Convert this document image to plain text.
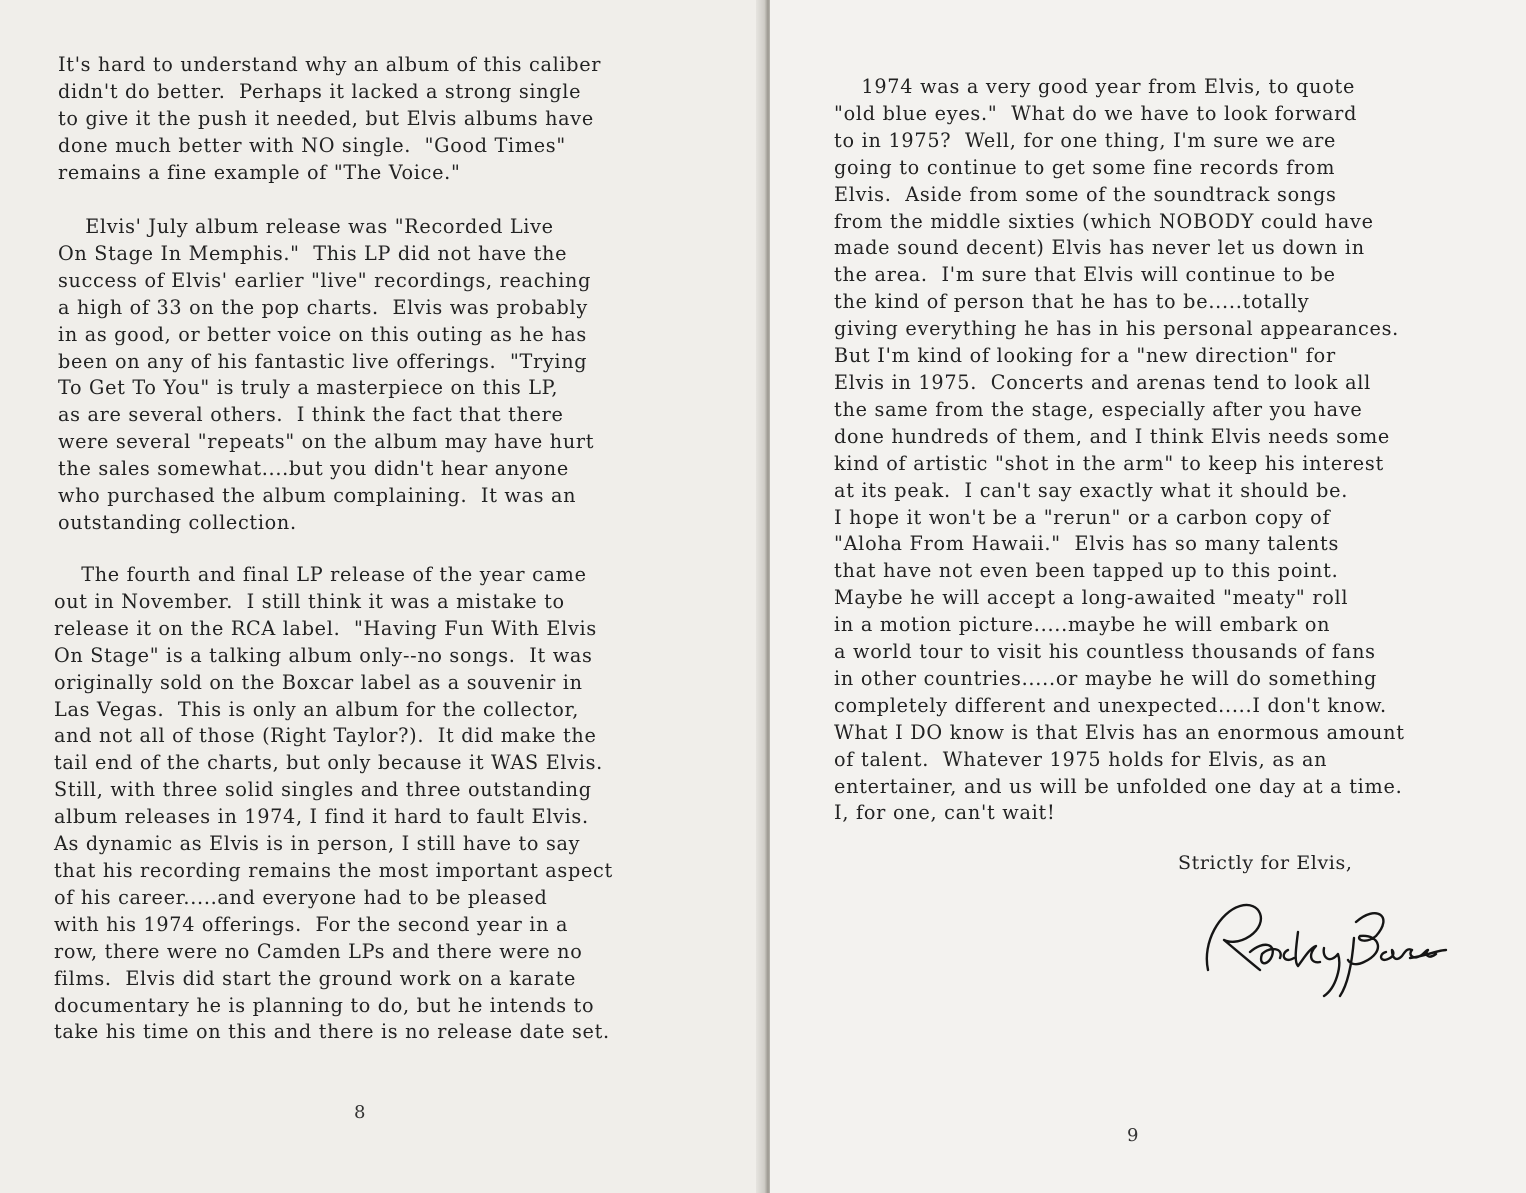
It's hard to understand why an album of this caliber
didn't do better.  Perhaps it lacked a strong single
to give it the push it needed, but Elvis albums have
done much better with NO single.  "Good Times"
remains a fine example of "The Voice."

Elvis' July album release was "Recorded Live
On Stage In Memphis."  This LP did not have the
success of Elvis' earlier "live" recordings, reaching
a high of 33 on the pop charts.  Elvis was probably
in as good, or better voice on this outing as he has
been on any of his fantastic live offerings.  "Trying
To Get To You" is truly a masterpiece on this LP,
as are several others.  I think the fact that there
were several "repeats" on the album may have hurt
the sales somewhat....but you didn't hear anyone
who purchased the album complaining.  It was an
outstanding collection.

The fourth and final LP release of the year came
out in November.  I still think it was a mistake to
release it on the RCA label.  "Having Fun With Elvis
On Stage" is a talking album only--no songs.  It was
originally sold on the Boxcar label as a souvenir in
Las Vegas.  This is only an album for the collector,
and not all of those (Right Taylor?).  It did make the
tail end of the charts, but only because it WAS Elvis.
Still, with three solid singles and three outstanding
album releases in 1974, I find it hard to fault Elvis.
As dynamic as Elvis is in person, I still have to say
that his recording remains the most important aspect
of his career.....and everyone had to be pleased
with his 1974 offerings.  For the second year in a
row, there were no Camden LPs and there were no
films.  Elvis did start the ground work on a karate
documentary he is planning to do, but he intends to
take his time on this and there is no release date set.

8

1974 was a very good year from Elvis, to quote
"old blue eyes."  What do we have to look forward
to in 1975?  Well, for one thing, I'm sure we are
going to continue to get some fine records from
Elvis.  Aside from some of the soundtrack songs
from the middle sixties (which NOBODY could have
made sound decent) Elvis has never let us down in
the area.  I'm sure that Elvis will continue to be
the kind of person that he has to be.....totally
giving everything he has in his personal appearances.
But I'm kind of looking for a "new direction" for
Elvis in 1975.  Concerts and arenas tend to look all
the same from the stage, especially after you have
done hundreds of them, and I think Elvis needs some
kind of artistic "shot in the arm" to keep his interest
at its peak.  I can't say exactly what it should be.
I hope it won't be a "rerun" or a carbon copy of
"Aloha From Hawaii."  Elvis has so many talents
that have not even been tapped up to this point.
Maybe he will accept a long-awaited "meaty" roll
in a motion picture.....maybe he will embark on
a world tour to visit his countless thousands of fans
in other countries.....or maybe he will do something
completely different and unexpected.....I don't know.
What I DO know is that Elvis has an enormous amount
of talent.  Whatever 1975 holds for Elvis, as an
entertainer, and us will be unfolded one day at a time.
I, for one, can't wait!

Strictly for Elvis,
9
